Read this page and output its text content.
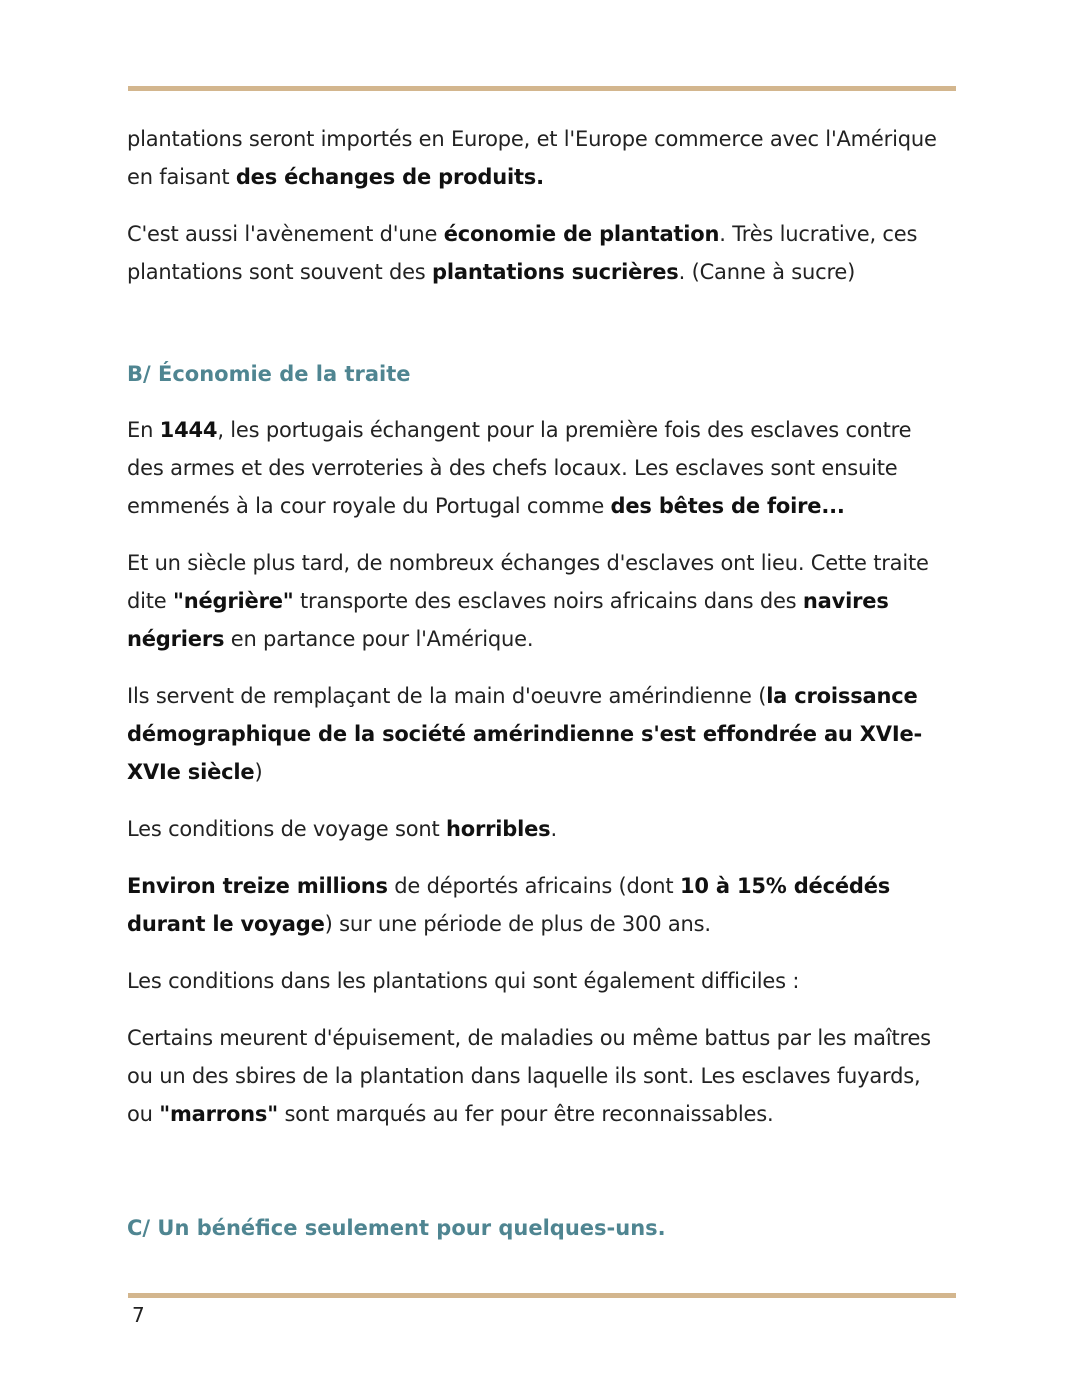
plantations seront importés en Europe, et l'Europe commerce avec l'Amérique en faisant des échanges de produits.

C'est aussi l'avènement d'une économie de plantation. Très lucrative, ces plantations sont souvent des plantations sucrières. (Canne à sucre)

B/ Économie de la traite

En 1444, les portugais échangent pour la première fois des esclaves contre des armes et des verroteries à des chefs locaux. Les esclaves sont ensuite emmenés à la cour royale du Portugal comme des bêtes de foire...

Et un siècle plus tard, de nombreux échanges d'esclaves ont lieu. Cette traite dite "négrière" transporte des esclaves noirs africains dans des navires négriers en partance pour l'Amérique.

Ils servent de remplaçant de la main d'oeuvre amérindienne (la croissance démographique de la société amérindienne s'est effondrée au XVIe-XVIe siècle)

Les conditions de voyage sont horribles.

Environ treize millions de déportés africains (dont 10 à 15% décédés durant le voyage) sur une période de plus de 300 ans.

Les conditions dans les plantations qui sont également difficiles :

Certains meurent d'épuisement, de maladies ou même battus par les maîtres ou un des sbires de la plantation dans laquelle ils sont. Les esclaves fuyards, ou "marrons" sont marqués au fer pour être reconnaissables.

C/ Un bénéfice seulement pour quelques-uns.
7
